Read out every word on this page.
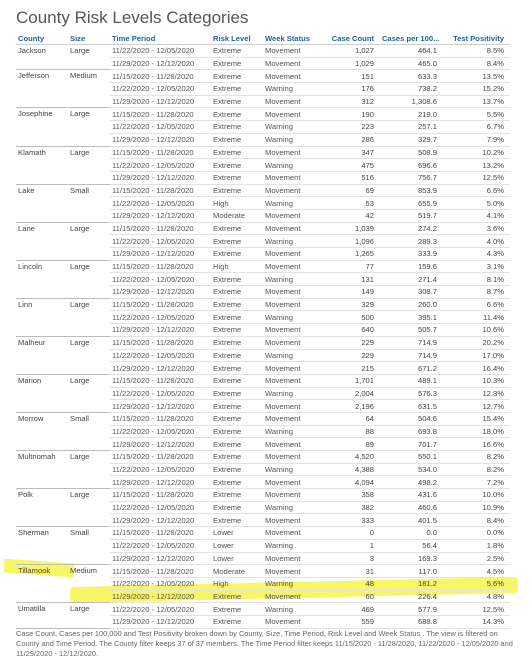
County Risk Levels Categories
County	Size	Time Period	Risk Level	Week Status	Case Count	Cases per 100...	Test Positivity
Jackson	Large	11/22/2020 - 12/05/2020	Extreme	Movement	1,027	464.1	8.5%
		11/29/2020 - 12/12/2020	Extreme	Movement	1,029	465.0	8.4%
Jefferson	Medium	11/15/2020 - 11/28/2020	Extreme	Movement	151	633.3	13.5%
		11/22/2020 - 12/05/2020	Extreme	Warning	176	738.2	15.2%
		11/29/2020 - 12/12/2020	Extreme	Movement	312	1,308.6	13.7%
Josephine	Large	11/15/2020 - 11/28/2020	Extreme	Movement	190	219.0	5.5%
		11/22/2020 - 12/05/2020	Extreme	Warning	223	257.1	6.7%
		11/29/2020 - 12/12/2020	Extreme	Warning	286	329.7	7.9%
Klamath	Large	11/15/2020 - 11/28/2020	Extreme	Movement	347	508.9	10.2%
		11/22/2020 - 12/05/2020	Extreme	Warning	475	696.6	13.2%
		11/29/2020 - 12/12/2020	Extreme	Movement	516	756.7	12.5%
Lake	Small	11/15/2020 - 11/28/2020	Extreme	Movement	69	853.9	6.6%
		11/22/2020 - 12/05/2020	High	Warning	53	655.9	5.0%
		11/29/2020 - 12/12/2020	Moderate	Movement	42	519.7	4.1%
Lane	Large	11/15/2020 - 11/28/2020	Extreme	Movement	1,039	274.2	3.6%
		11/22/2020 - 12/05/2020	Extreme	Warning	1,096	289.3	4.0%
		11/29/2020 - 12/12/2020	Extreme	Movement	1,265	333.9	4.3%
Lincoln	Large	11/15/2020 - 11/28/2020	High	Movement	77	159.6	3.1%
		11/22/2020 - 12/05/2020	Extreme	Warning	131	271.4	8.1%
		11/29/2020 - 12/12/2020	Extreme	Movement	149	308.7	8.7%
Linn	Large	11/15/2020 - 11/28/2020	Extreme	Movement	329	260.0	6.6%
		11/22/2020 - 12/05/2020	Extreme	Warning	500	395.1	11.4%
		11/29/2020 - 12/12/2020	Extreme	Movement	640	505.7	10.6%
Malheur	Large	11/15/2020 - 11/28/2020	Extreme	Movement	229	714.9	20.2%
		11/22/2020 - 12/05/2020	Extreme	Warning	229	714.9	17.0%
		11/29/2020 - 12/12/2020	Extreme	Movement	215	671.2	16.4%
Marion	Large	11/15/2020 - 11/28/2020	Extreme	Movement	1,701	489.1	10.3%
		11/22/2020 - 12/05/2020	Extreme	Warning	2,004	576.3	12.3%
		11/29/2020 - 12/12/2020	Extreme	Movement	2,196	631.5	12.7%
Morrow	Small	11/15/2020 - 11/28/2020	Extreme	Movement	64	504.6	15.4%
		11/22/2020 - 12/05/2020	Extreme	Warning	88	693.8	18.0%
		11/29/2020 - 12/12/2020	Extreme	Movement	89	701.7	16.6%
Multnomah	Large	11/15/2020 - 11/28/2020	Extreme	Movement	4,520	550.1	8.2%
		11/22/2020 - 12/05/2020	Extreme	Warning	4,388	534.0	8.2%
		11/29/2020 - 12/12/2020	Extreme	Movement	4,094	498.2	7.2%
Polk	Large	11/15/2020 - 11/28/2020	Extreme	Movement	358	431.6	10.0%
		11/22/2020 - 12/05/2020	Extreme	Warning	382	460.6	10.9%
		11/29/2020 - 12/12/2020	Extreme	Movement	333	401.5	8.4%
Sherman	Small	11/15/2020 - 11/28/2020	Lower	Movement	0	0.0	0.0%
		11/22/2020 - 12/05/2020	Lower	Warning	1	56.4	1.8%
		11/29/2020 - 12/12/2020	Lower	Movement	3	169.3	2.5%
Tillamook	Medium	11/15/2020 - 11/28/2020	Moderate	Movement	31	117.0	4.5%
		11/22/2020 - 12/05/2020	High	Warning	48	181.2	5.6%
		11/29/2020 - 12/12/2020	Extreme	Movement	60	226.4	4.8%
Umatilla	Large	11/22/2020 - 12/05/2020	Extreme	Warning	469	577.9	12.5%
		11/29/2020 - 12/12/2020	Extreme	Movement	559	688.8	14.3%
Case Count, Cases per 100,000 and Test Positivity broken down by County, Size, Time Period, Risk Level and Week Status . The view is filtered on County and Time Period. The County filter keeps 37 of 37 members. The Time Period filter keeps 11/15/2020 - 11/28/2020, 11/22/2020 - 12/05/2020 and 11/29/2020 - 12/12/2020.
